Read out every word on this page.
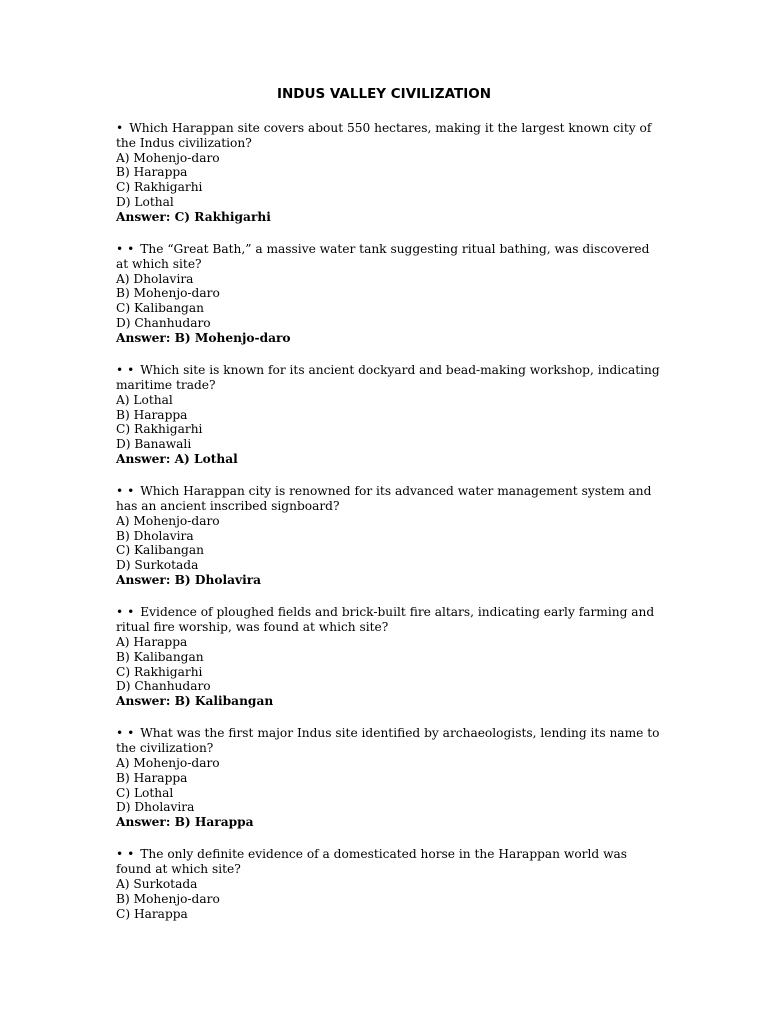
INDUS VALLEY CIVILIZATION
• Which Harappan site covers about 550 hectares, making it the largest known city of the Indus civilization?
A) Mohenjo-daro
B) Harappa
C) Rakhigarhi
D) Lothal
Answer: C) Rakhigarhi
• • The “Great Bath,” a massive water tank suggesting ritual bathing, was discovered at which site?
A) Dholavira
B) Mohenjo-daro
C) Kalibangan
D) Chanhudaro
Answer: B) Mohenjo-daro
• • Which site is known for its ancient dockyard and bead-making workshop, indicating maritime trade?
A) Lothal
B) Harappa
C) Rakhigarhi
D) Banawali
Answer: A) Lothal
• • Which Harappan city is renowned for its advanced water management system and has an ancient inscribed signboard?
A) Mohenjo-daro
B) Dholavira
C) Kalibangan
D) Surkotada
Answer: B) Dholavira
• • Evidence of ploughed fields and brick-built fire altars, indicating early farming and ritual fire worship, was found at which site?
A) Harappa
B) Kalibangan
C) Rakhigarhi
D) Chanhudaro
Answer: B) Kalibangan
• • What was the first major Indus site identified by archaeologists, lending its name to the civilization?
A) Mohenjo-daro
B) Harappa
C) Lothal
D) Dholavira
Answer: B) Harappa
• • The only definite evidence of a domesticated horse in the Harappan world was found at which site?
A) Surkotada
B) Mohenjo-daro
C) Harappa
